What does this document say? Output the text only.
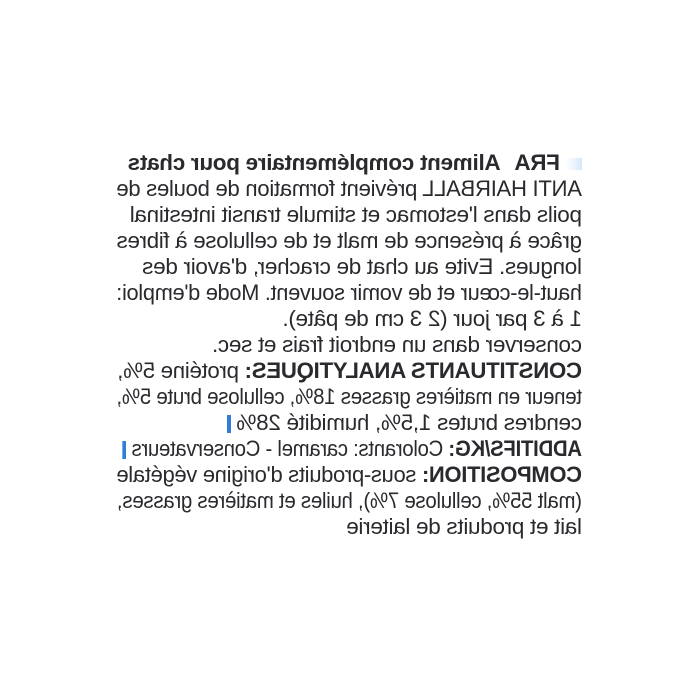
FRAAliment complémentaire pour chats
ANTI HAIRBALL prévient formation de boules de
poils dans l'estomac et stimule transit intestinal
grâce à présence de malt et de cellulose à fibres
longues. Evite au chat de cracher, d'avoir des
haut-le-cœur et de vomir souvent. Mode d'emploi:
1 à 3 par jour (2 3 cm de pâte).
conserver dans un endroit frais et sec.
CONSTITUANTS ANALYTIQUES: protéine 5%,
teneur en matières grasses 18%, cellulose brute 5%,
cendres brutes 1,5%, humidité 28%
ADDITIFS/KG: Colorants: caramel - Conservateurs
COMPOSITION: sous-produits d'origine végétale
(malt 55%, cellulose 7%), huiles et matières grasses,
lait et produits de laiterie
